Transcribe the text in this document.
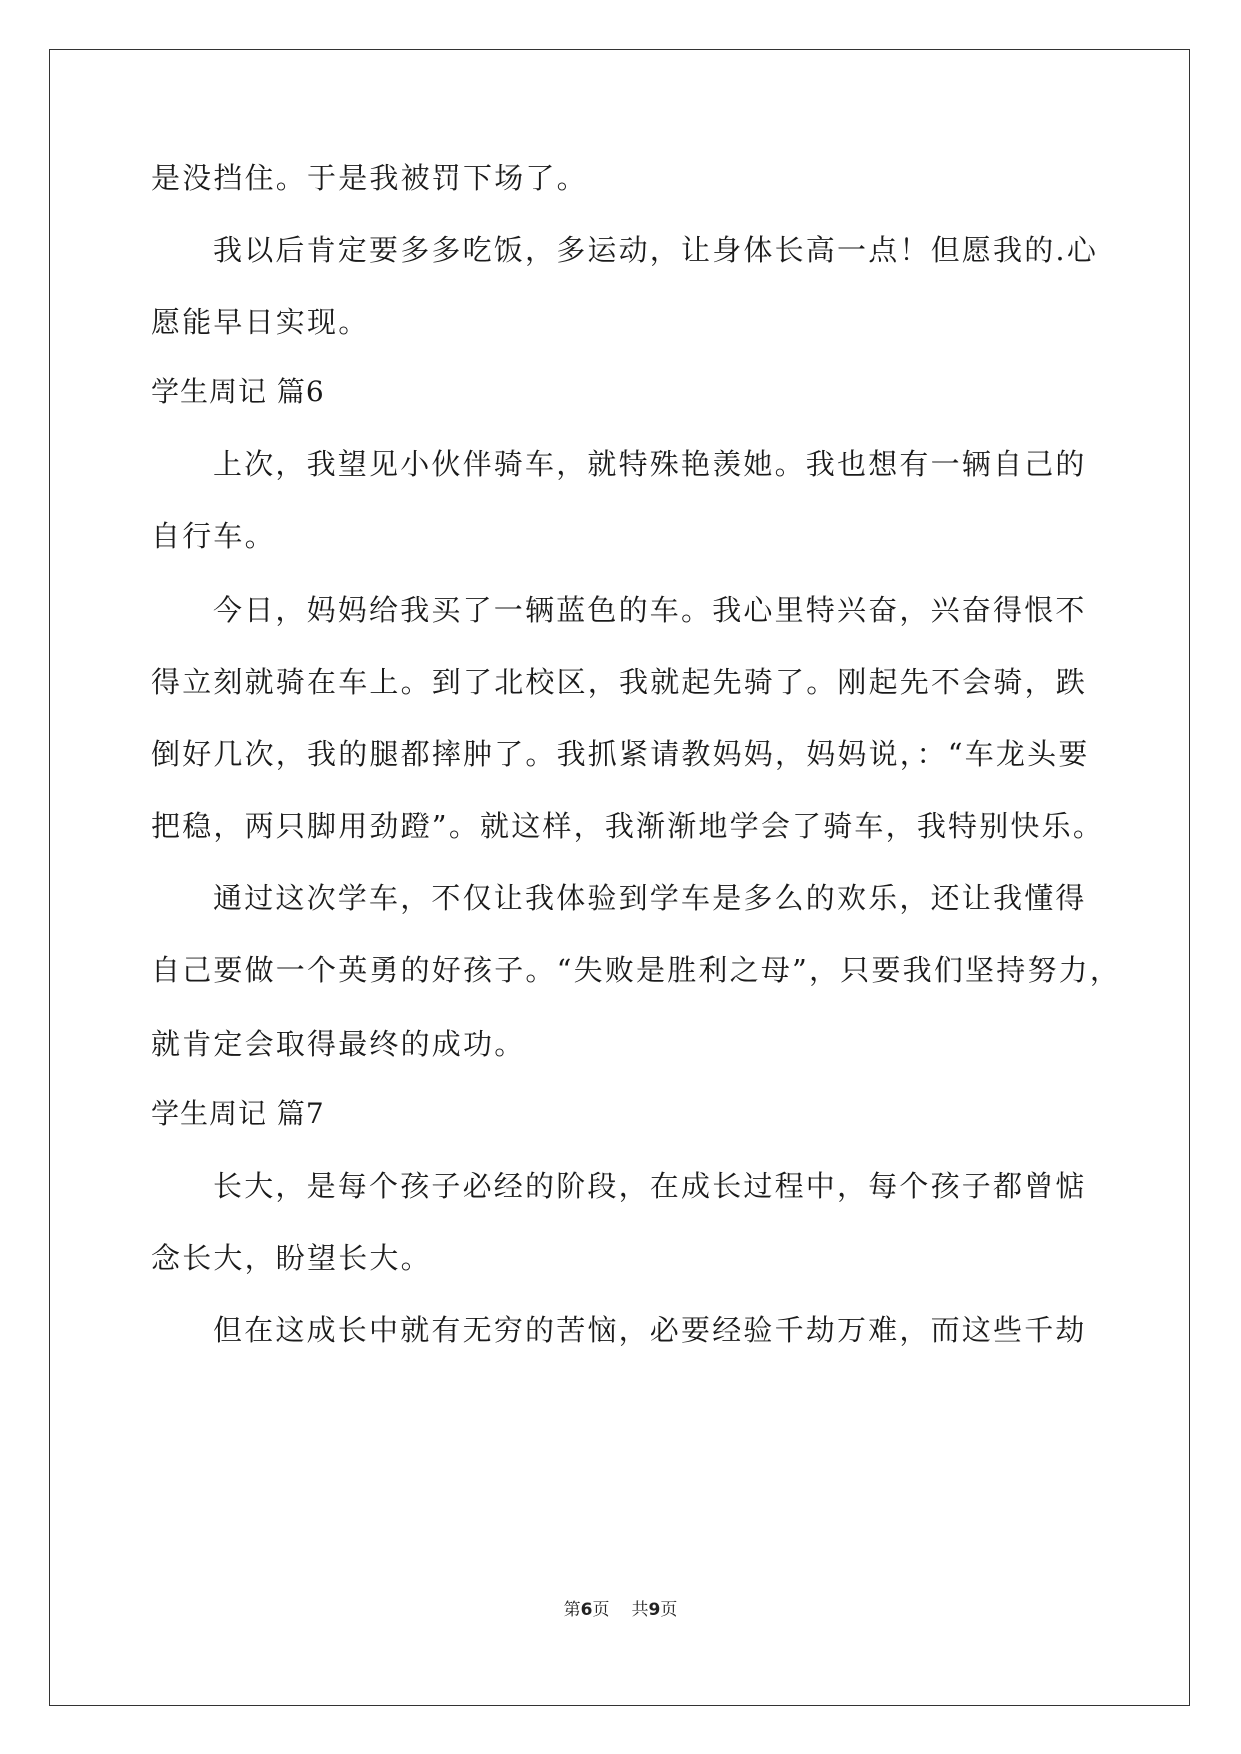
是没挡住。于是我被罚下场了。
我以后肯定要多多吃饭，多运动，让身体长高一点！但愿我的.心
愿能早日实现。
学生周记 篇6
上次，我望见小伙伴骑车，就特殊艳羡她。我也想有一辆自己的
自行车。
今日，妈妈给我买了一辆蓝色的车。我心里特兴奋，兴奋得恨不
得立刻就骑在车上。到了北校区，我就起先骑了。刚起先不会骑，跌
倒好几次，我的腿都摔肿了。我抓紧请教妈妈，妈妈说，：“车龙头要
把稳，两只脚用劲蹬”。就这样，我渐渐地学会了骑车，我特别快乐。
通过这次学车，不仅让我体验到学车是多么的欢乐，还让我懂得
自己要做一个英勇的好孩子。“失败是胜利之母”，只要我们坚持努力，
就肯定会取得最终的成功。
学生周记 篇7
长大，是每个孩子必经的阶段，在成长过程中，每个孩子都曾惦
念长大，盼望长大。
但在这成长中就有无穷的苦恼，必要经验千劫万难，而这些千劫
第6页 共9页
